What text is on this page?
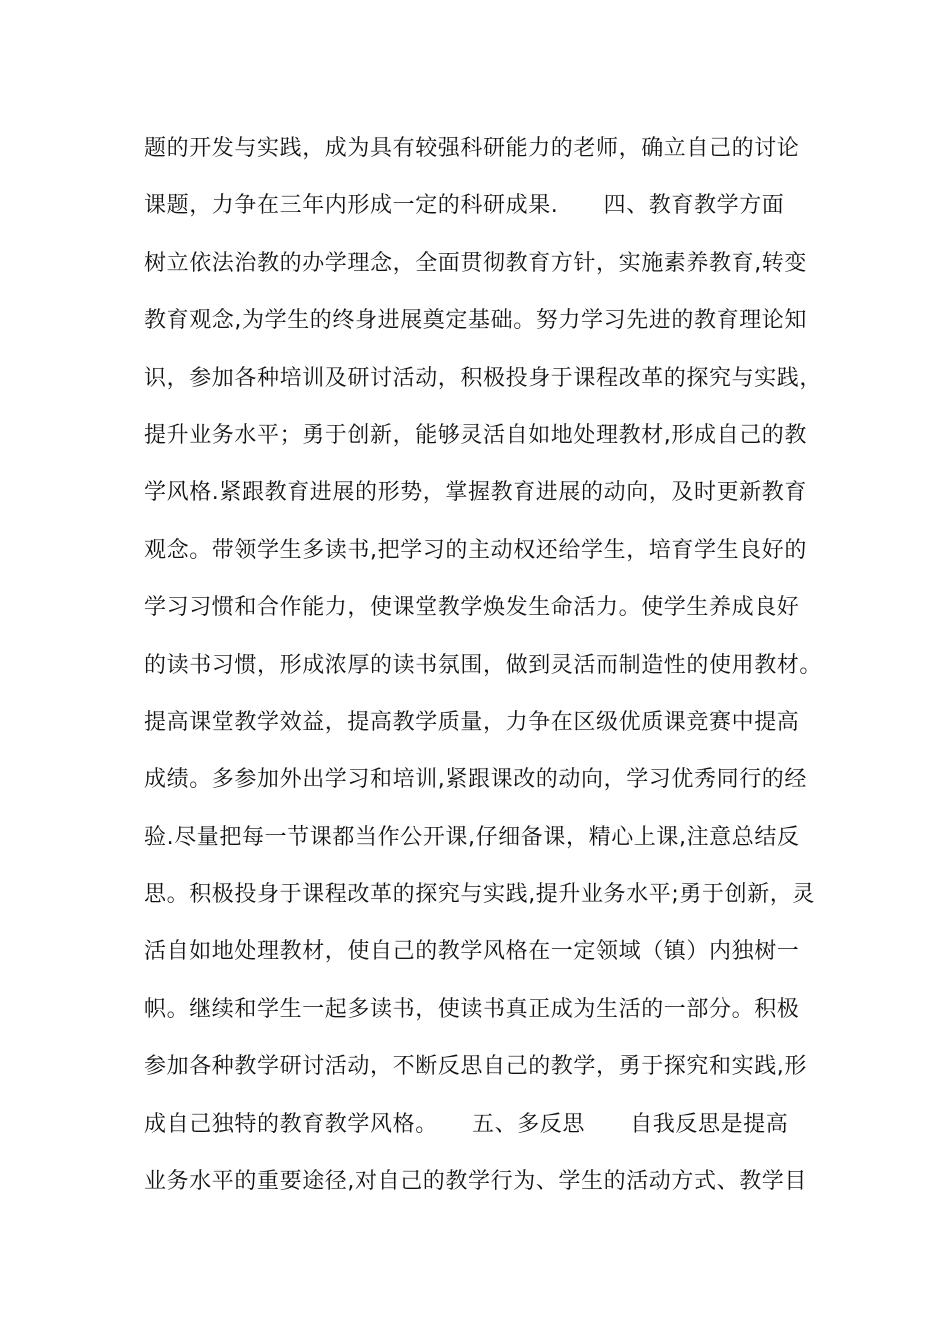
题的开发与实践，成为具有较强科研能力的老师，确立自己的讨论
课题，力争在三年内形成一定的科研成果.　　四、教育教学方面
树立依法治教的办学理念，全面贯彻教育方针，实施素养教育,转变
教育观念,为学生的终身进展奠定基础。努力学习先进的教育理论知
识，参加各种培训及研讨活动，积极投身于课程改革的探究与实践，
提升业务水平；勇于创新，能够灵活自如地处理教材,形成自己的教
学风格.紧跟教育进展的形势，掌握教育进展的动向，及时更新教育
观念。带领学生多读书,把学习的主动权还给学生，培育学生良好的
学习习惯和合作能力，使课堂教学焕发生命活力。使学生养成良好
的读书习惯，形成浓厚的读书氛围，做到灵活而制造性的使用教材。
提高课堂教学效益，提高教学质量，力争在区级优质课竞赛中提高
成绩。多参加外出学习和培训,紧跟课改的动向，学习优秀同行的经
验.尽量把每一节课都当作公开课,仔细备课，精心上课,注意总结反
思。积极投身于课程改革的探究与实践,提升业务水平;勇于创新，灵
活自如地处理教材，使自己的教学风格在一定领域（镇）内独树一
帜。继续和学生一起多读书，使读书真正成为生活的一部分。积极
参加各种教学研讨活动，不断反思自己的教学，勇于探究和实践,形
成自己独特的教育教学风格。　　五、多反思　　自我反思是提高
业务水平的重要途径,对自己的教学行为、学生的活动方式、教学目
